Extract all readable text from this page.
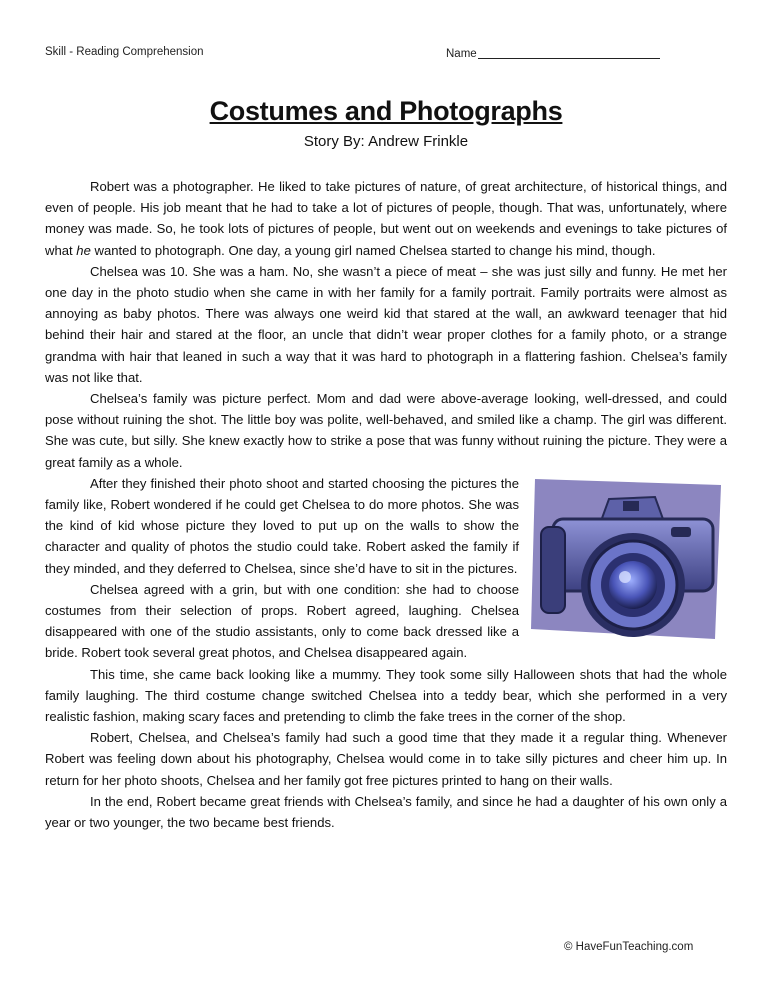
Skill - Reading Comprehension	Name
Costumes and Photographs
Story By: Andrew Frinkle

Robert was a photographer. He liked to take pictures of nature, of great architecture, of historical things, and even of people. His job meant that he had to take a lot of pictures of people, though. That was, unfortunately, where money was made. So, he took lots of pictures of people, but went out on weekends and evenings to take pictures of what he wanted to photograph. One day, a young girl named Chelsea started to change his mind, though.

Chelsea was 10. She was a ham. No, she wasn’t a piece of meat – she was just silly and funny. He met her one day in the photo studio when she came in with her family for a family portrait. Family portraits were almost as annoying as baby photos. There was always one weird kid that stared at the wall, an awkward teenager that hid behind their hair and stared at the floor, an uncle that didn’t wear proper clothes for a family photo, or a strange grandma with hair that leaned in such a way that it was hard to photograph in a flattering fashion. Chelsea’s family was not like that.

Chelsea’s family was picture perfect. Mom and dad were above-average looking, well-dressed, and could pose without ruining the shot. The little boy was polite, well-behaved, and smiled like a champ. The girl was different. She was cute, but silly. She knew exactly how to strike a pose that was funny without ruining the picture. They were a great family as a whole.

After they finished their photo shoot and started choosing the pictures the family like, Robert wondered if he could get Chelsea to do more photos. She was the kind of kid whose picture they loved to put up on the walls to show the character and quality of photos the studio could take. Robert asked the family if they minded, and they deferred to Chelsea, since she’d have to sit in the pictures.

Chelsea agreed with a grin, but with one condition: she had to choose costumes from their selection of props. Robert agreed, laughing. Chelsea disappeared with one of the studio assistants, only to come back dressed like a bride. Robert took several great photos, and Chelsea disappeared again.

This time, she came back looking like a mummy. They took some silly Halloween shots that had the whole family laughing. The third costume change switched Chelsea into a teddy bear, which she performed in a very realistic fashion, making scary faces and pretending to climb the fake trees in the corner of the shop.

Robert, Chelsea, and Chelsea’s family had such a good time that they made it a regular thing. Whenever Robert was feeling down about his photography, Chelsea would come in to take silly pictures and cheer him up. In return for her photo shoots, Chelsea and her family got free pictures printed to hang on their walls.

In the end, Robert became great friends with Chelsea’s family, and since he had a daughter of his own only a year or two younger, the two became best friends.

© HaveFunTeaching.com
